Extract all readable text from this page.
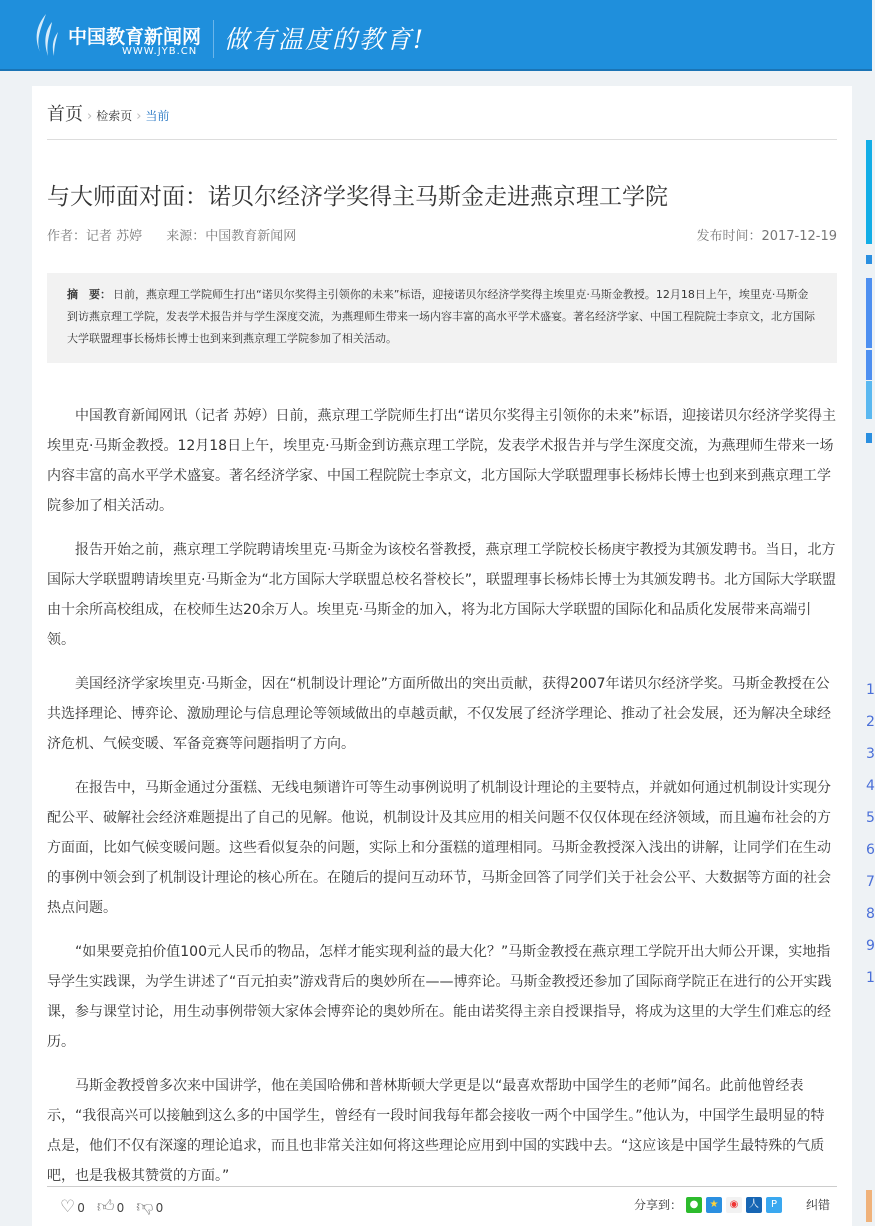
中国教育新闻网
WWW.JYB.CN 做有温度的教育!
首页 › 检索页 › 当前
与大师面对面：诺贝尔经济学奖得主马斯金走进燕京理工学院
作者：记者 苏婷 来源：中国教育新闻网	发布时间：2017-12-19
摘　要： 日前，燕京理工学院师生打出“诺贝尔奖得主引领你的未来”标语，迎接诺贝尔经济学奖得主埃里克·马斯金教授。12月18日上午，埃里克·马斯金到访燕京理工学院，发表学术报告并与学生深度交流，为燕理师生带来一场内容丰富的高水平学术盛宴。著名经济学家、中国工程院院士李京文，北方国际大学联盟理事长杨炜长博士也到来到燕京理工学院参加了相关活动。

中国教育新闻网讯（记者 苏婷）日前，燕京理工学院师生打出“诺贝尔奖得主引领你的未来”标语，迎接诺贝尔经济学奖得主埃里克·马斯金教授。12月18日上午，埃里克·马斯金到访燕京理工学院，发表学术报告并与学生深度交流，为燕理师生带来一场内容丰富的高水平学术盛宴。著名经济学家、中国工程院院士李京文，北方国际大学联盟理事长杨炜长博士也到来到燕京理工学院参加了相关活动。

报告开始之前，燕京理工学院聘请埃里克·马斯金为该校名誉教授，燕京理工学院校长杨庚宇教授为其颁发聘书。当日，北方国际大学联盟聘请埃里克·马斯金为“北方国际大学联盟总校名誉校长”，联盟理事长杨炜长博士为其颁发聘书。北方国际大学联盟由十余所高校组成，在校师生达20余万人。埃里克·马斯金的加入，将为北方国际大学联盟的国际化和品质化发展带来高端引领。

美国经济学家埃里克·马斯金，因在“机制设计理论”方面所做出的突出贡献，获得2007年诺贝尔经济学奖。马斯金教授在公共选择理论、博弈论、激励理论与信息理论等领域做出的卓越贡献，不仅发展了经济学理论、推动了社会发展，还为解决全球经济危机、气候变暖、军备竞赛等问题指明了方向。

在报告中，马斯金通过分蛋糕、无线电频谱许可等生动事例说明了机制设计理论的主要特点，并就如何通过机制设计实现分配公平、破解社会经济难题提出了自己的见解。他说，机制设计及其应用的相关问题不仅仅体现在经济领域，而且遍布社会的方方面面，比如气候变暖问题。这些看似复杂的问题，实际上和分蛋糕的道理相同。马斯金教授深入浅出的讲解，让同学们在生动的事例中领会到了机制设计理论的核心所在。在随后的提问互动环节，马斯金回答了同学们关于社会公平、大数据等方面的社会热点问题。

“如果要竞拍价值100元人民币的物品，怎样才能实现利益的最大化？”马斯金教授在燕京理工学院开出大师公开课，实地指导学生实践课，为学生讲述了“百元拍卖”游戏背后的奥妙所在——博弈论。马斯金教授还参加了国际商学院正在进行的公开实践课，参与课堂讨论，用生动事例带领大家体会博弈论的奥妙所在。能由诺奖得主亲自授课指导，将成为这里的大学生们难忘的经历。

马斯金教授曾多次来中国讲学，他在美国哈佛和普林斯顿大学更是以“最喜欢帮助中国学生的老师”闻名。此前他曾经表示，“我很高兴可以接触到这么多的中国学生，曾经有一段时间我每年都会接收一两个中国学生。”他认为，中国学生最明显的特点是，他们不仅有深邃的理论追求，而且也非常关注如何将这些理论应用到中国的实践中去。“这应该是中国学生最特殊的气质吧，也是我极其赞赏的方面。”

♡ 0 👍︎ 0 👎︎ 0	分享到： ●	★	◉	人	P	纠错
1
2
3
4
5
6
7
8
9
1
